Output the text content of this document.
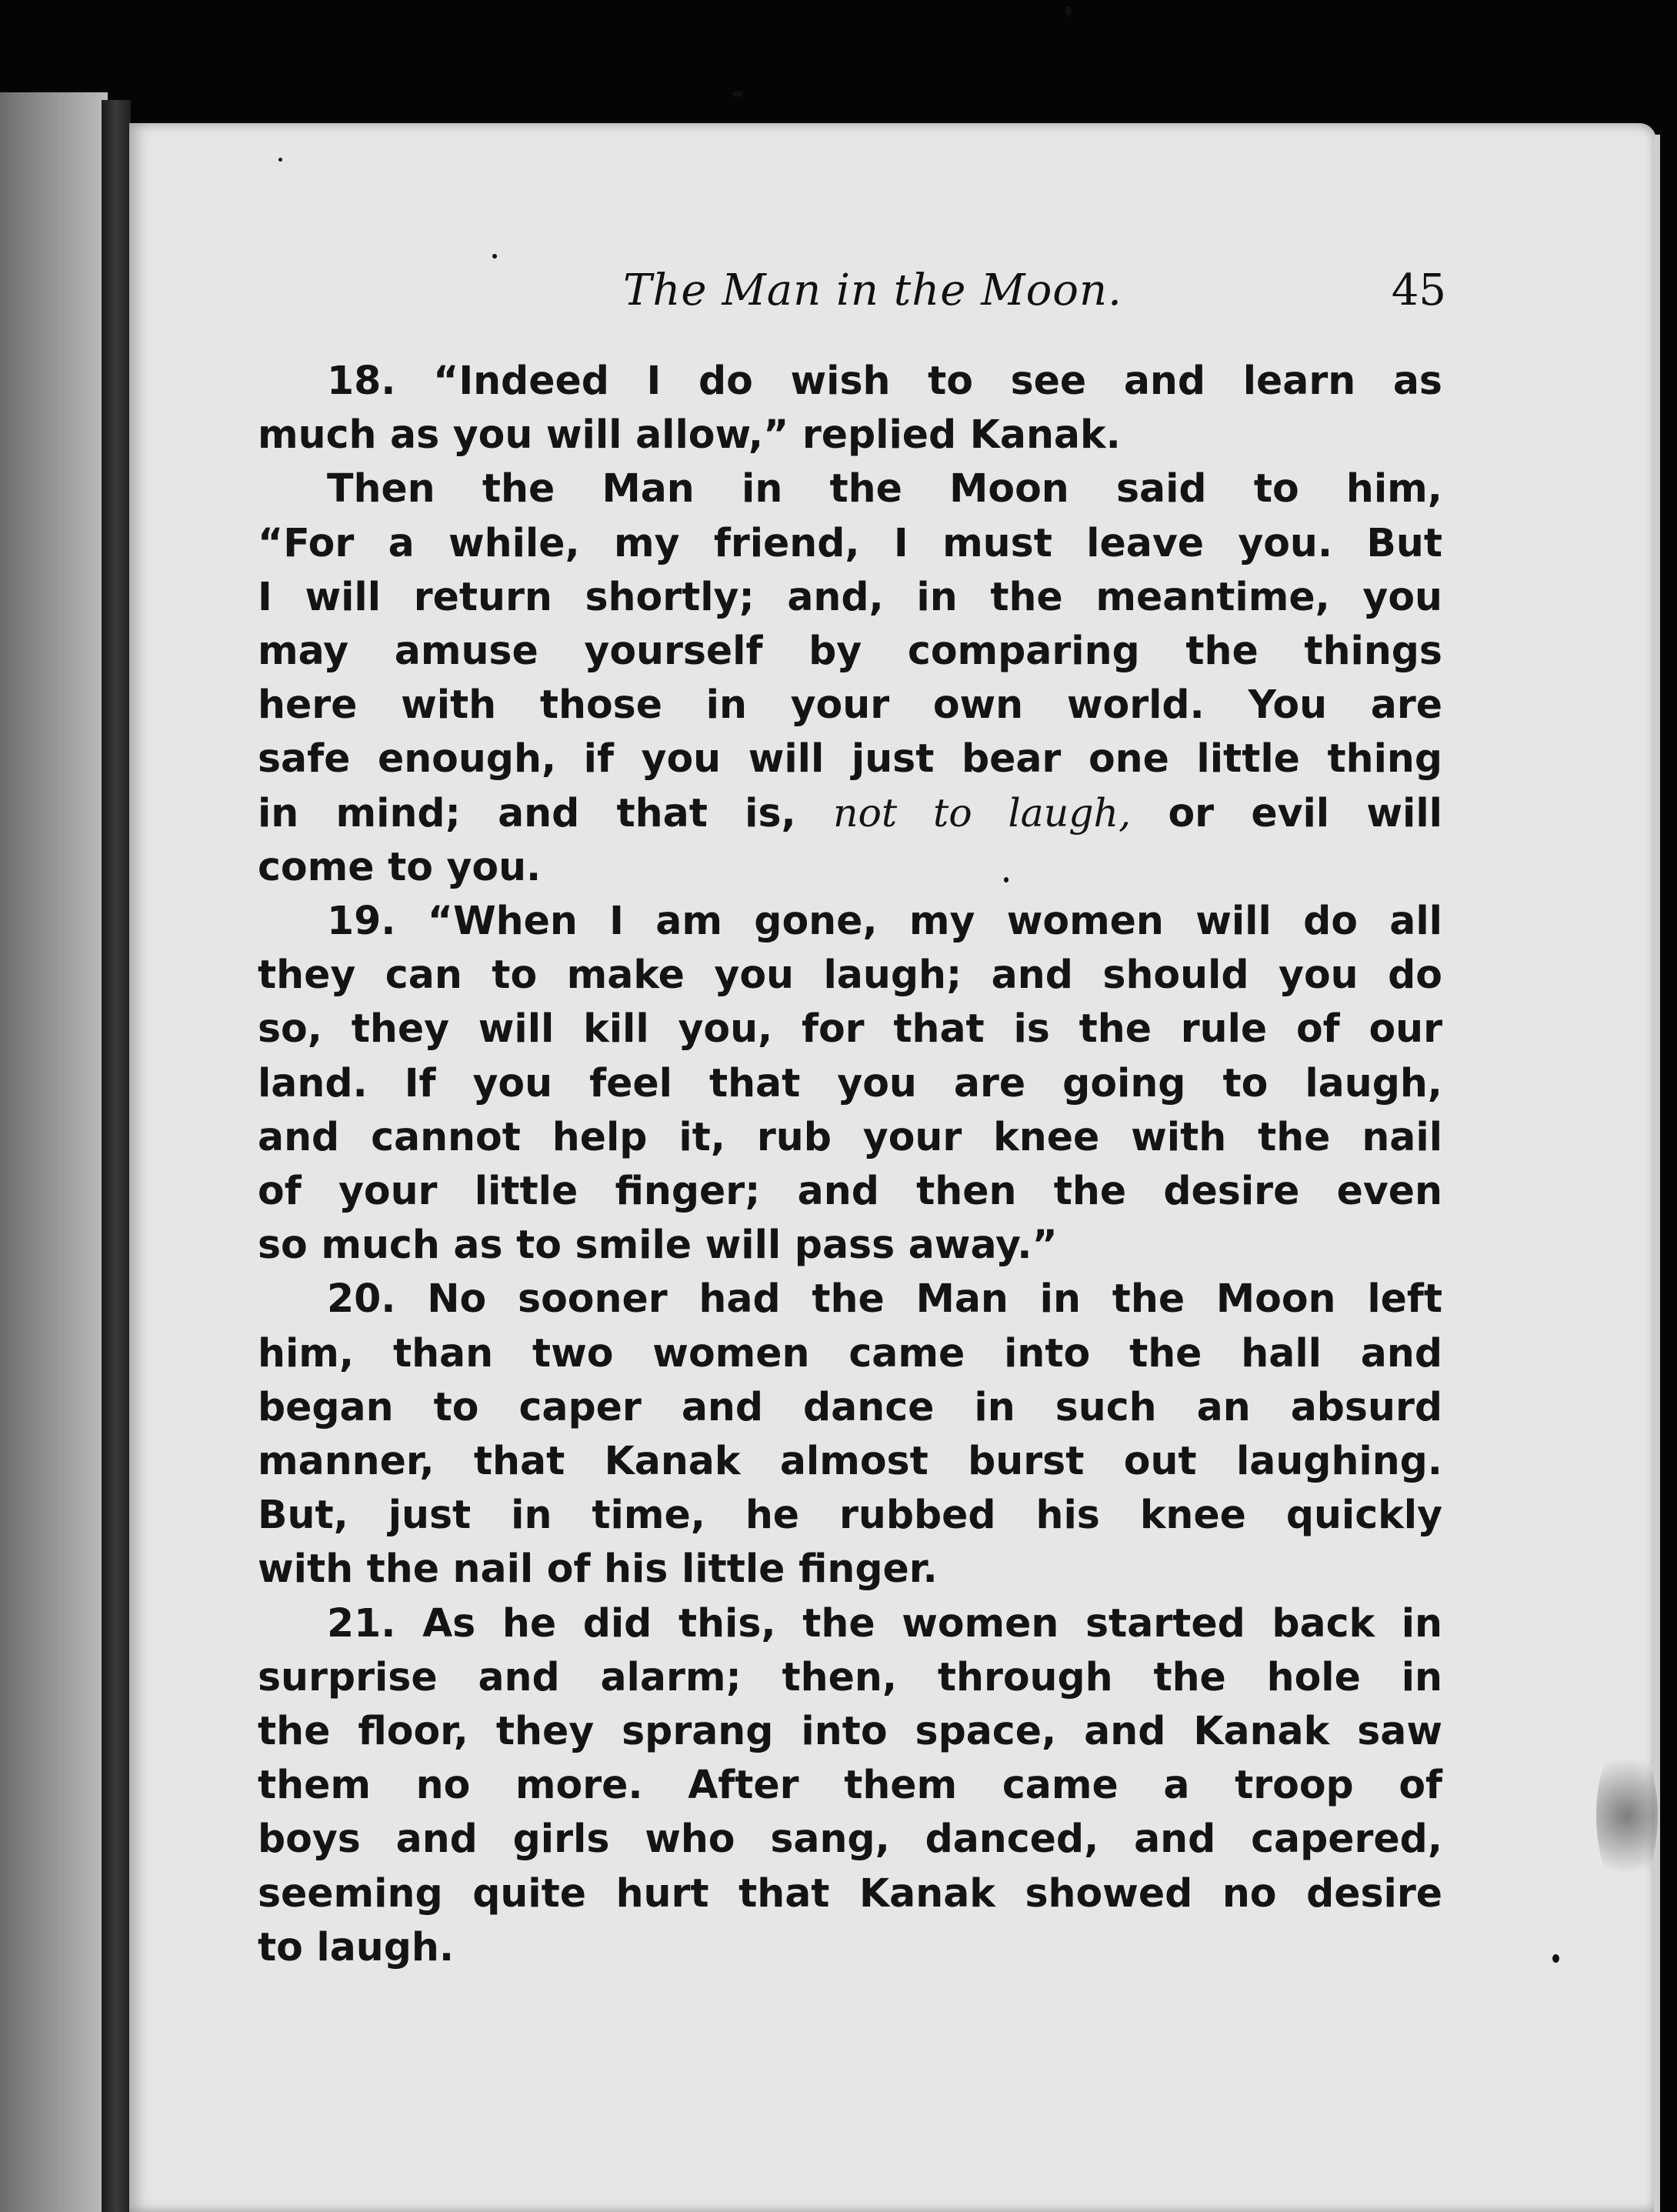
The Man in the Moon.	45

18. “Indeed I do wish to see and learn as
much as you will allow,” replied Kanak.

Then the Man in the Moon said to him,
“For a while, my friend, I must leave you. But
I will return shortly; and, in the meantime, you
may amuse yourself by comparing the things
here with those in your own world. You are
safe enough, if you will just bear one little thing
in mind; and that is, not to laugh, or evil will
come to you.

19. “When I am gone, my women will do all
they can to make you laugh; and should you do
so, they will kill you, for that is the rule of our
land. If you feel that you are going to laugh,
and cannot help it, rub your knee with the nail
of your little finger; and then the desire even
so much as to smile will pass away.”

20. No sooner had the Man in the Moon left
him, than two women came into the hall and
began to caper and dance in such an absurd
manner, that Kanak almost burst out laughing.
But, just in time, he rubbed his knee quickly
with the nail of his little finger.

21. As he did this, the women started back in
surprise and alarm; then, through the hole in
the floor, they sprang into space, and Kanak saw
them no more. After them came a troop of
boys and girls who sang, danced, and capered,
seeming quite hurt that Kanak showed no desire
to laugh.
